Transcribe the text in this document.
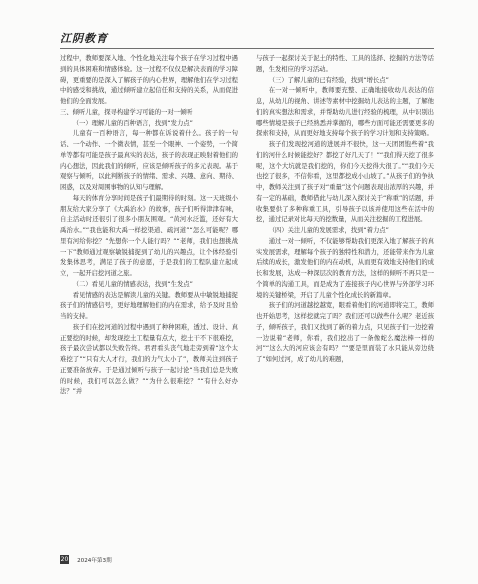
江阴教育

过程中，教师要深入地、个性化地关注每个孩子在学习过程中遇到的具体困难和情感体验。这一过程不仅仅是解决表面的学习障碍，更重要的是深入了解孩子的内心世界，理解他们在学习过程中的感受和挑战，通过倾听建立起信任和支持的关系，从而促进他们的全面发展。

三、倾听儿童，探寻构建学习可能的一对一倾听

（一）理解儿童的百种语言，找到“发力点”

儿童有一百种语言，每一种都在诉说着什么。孩子的一句话、一个动作、一个微表情，甚至一个眼神、一个姿势，一个简单等都有可能是孩子最真实的表达，孩子的表现正映射着他们的内心想法，因此我们的倾听，应该是倾听孩子的多元表现。基于观察与倾听，以此判断孩子的情绪、需求、兴趣、意向、期待、困惑，以及对周围事物的认知与理解。

每天的体育分享时间是孩子们最期待的时刻。这一天班级小朋友给大家分享了《大禹治水》的故事，孩子们听得津津有味，自主活动时还很引了很多小朋友围观。“黄河水泛滥，还好有大禹治水。”“我也能和大禹一样挖渠道、疏河道”“怎么可能呢？哪里有河给你挖？”先想你一个人能行吗？”“老师，我们也想挑战一下”教师通过观察敏锐捕捉到了幼儿的兴趣点，让个体经验引发集体思考，满足了孩子的意愿，于是我们的工程队建立起成立，一起开启挖河道之旅。

（二）看见儿童的情感表达，找到“生发点”

看见情感的表达是解读儿童的关键。教师要从中敏锐地捕捉孩子们的情感信号，更好地理解他们的内在需求，给予及时且恰当的支持。

孩子们在挖河道的过程中遇到了种种困难，透过、设计、真正要挖的时候，却发现挖土工程量有点大，挖土干不下很难挖，孩子最次尝试都以失败告终。君君看头丧气地走旁到着“这个太难挖了”“只有大人才行，我们的力气太小了”，教师关注到孩子正要准备放弃。于是通过倾听与孩子一起讨论“当我们总是失败的时候，我们可以怎么做？”“为什么很难挖？”“有什么好办法？”并

与孩子一起探讨关于泥土的特性、工具的选择、挖掘的方法等话题，生发相应的学习活动。

（三）了解儿童的已有经验，找到“增长点”

在一对一倾听中，教师要充整、正确地接收幼儿表达的信息，从幼儿的视角、讲述等素材中挖掘幼儿表达的主题，了解他们的真实想法和需求，并帮助幼儿进行经验的梳理，从中识别出哪些情境是孩子已经熟悉并掌握的，哪些方面可能还需要更多的探索和支持，从而更好地支持每个孩子的学习计划和支持策略。

孩子们发现挖河道的进展并不很快，这一天团团饱些着“我们的河什么时候能挖好？都挖了好几天了！”“我们得天挖了很多呢，这个大坑就是我们挖的，你们今天挖得大很了。”“我们今天也挖了很多，不信你看，这里都挖成小山坡了。”从孩子们的争执中，教师关注到了孩子对“重量”这个问题表现出浓厚的兴趣，并有一定的基础，教师借此与幼儿深入探讨关于“称重”的话题，并收集要供了多种称重工具，引导孩子以该并使用这些在活中的挖，通过记录对比每天的挖数量，从而关注挖掘的工程进展。

（四）关注儿童的发展需求，找到“着力点”

通过一对一倾听，不仅能够帮助我们更深入地了解孩子的真实发展需求，理解每个孩子的独特性和潜力，还能带来作为儿童后续的成长，激发他们的内在动机，从而更有效地支持他们的成长和发展，达成一种深层次的教育方法，这样的倾听不再只是一个简单的沟通工具，而是成为了连接孩子内心世界与外部学习环境的关键桥梁，开启了儿童个性化成长的新篇章。

孩子们的河道越挖越宽，眼看着他们的河道即将完工，教师也开始思考，这样挖就完了吗？我们还可以做些什么呢？老近孩子，倾听孩子，我们又找到了新的着力点，只见孩子们一边挖着一边说着“老师，你看，我们挖出了一条像蛇么魔法棒一样的河”“这么大的河应该会有吗？”“要是里面装了水只能从旁边绕了”如何过河，成了幼儿的难题，

20 2024年第3期
